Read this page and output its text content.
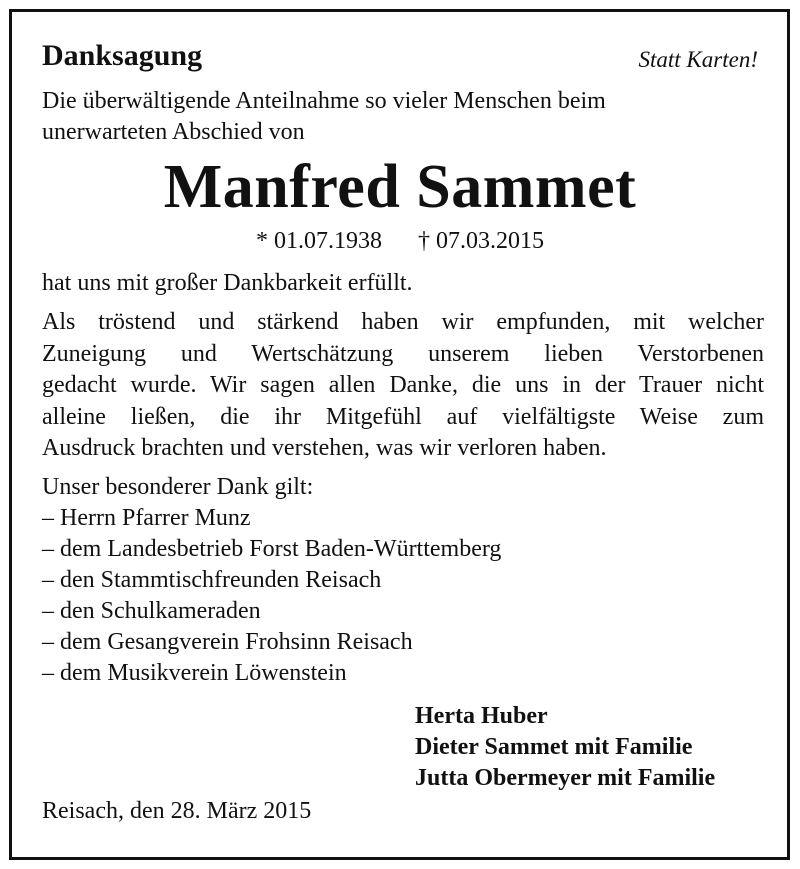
Danksagung	Statt Karten!
Die überwältigende Anteilnahme so vieler Menschen beim
unerwarteten Abschied von
Manfred Sammet
* 01.07.1938 † 07.03.2015
hat uns mit großer Dankbarkeit erfüllt.
Als tröstend und stärkend haben wir empfunden, mit welcher
Zuneigung und Wertschätzung unserem lieben Verstorbenen
gedacht wurde. Wir sagen allen Danke, die uns in der Trauer nicht
alleine ließen, die ihr Mitgefühl auf vielfältigste Weise zum
Ausdruck brachten und verstehen, was wir verloren haben.
Unser besonderer Dank gilt:
– Herrn Pfarrer Munz
– dem Landesbetrieb Forst Baden-Württemberg
– den Stammtischfreunden Reisach
– den Schulkameraden
– dem Gesangverein Frohsinn Reisach
– dem Musikverein Löwenstein
Herta Huber
Dieter Sammet mit Familie
Jutta Obermeyer mit Familie
Reisach, den 28. März 2015
